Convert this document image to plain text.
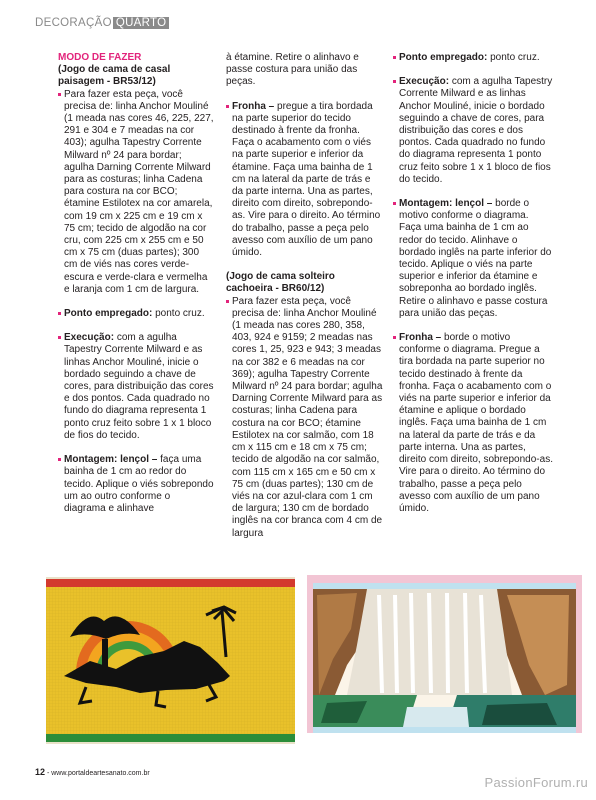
DECORAÇÃO QUARTO
MODO DE FAZER
(Jogo de cama de casal paisagem - BR53/12)
Para fazer esta peça, você precisa de: linha Anchor Mouliné (1 meada nas cores 46, 225, 227, 291 e 304 e 7 meadas na cor 403); agulha Tapestry Corrente Milward nº 24 para bordar; agulha Darning Corrente Milward para as costuras; linha Cadena para costura na cor BCO; étamine Estilotex na cor amarela, com 19 cm x 225 cm e 19 cm x 75 cm; tecido de algodão na cor cru, com 225 cm x 255 cm e 50 cm x 75 cm (duas partes); 300 cm de viés nas cores verde-escura e verde-clara e vermelha e laranja com 1 cm de largura.
Ponto empregado: ponto cruz.
Execução: com a agulha Tapestry Corrente Milward e as linhas Anchor Mouliné, inicie o bordado seguindo a chave de cores, para distribuição das cores e dos pontos. Cada quadrado no fundo do diagrama representa 1 ponto cruz feito sobre 1 x 1 bloco de fios do tecido.
Montagem: lençol – faça uma bainha de 1 cm ao redor do tecido. Aplique o viés sobrepondo um ao outro conforme o diagrama e alinhave
à étamine. Retire o alinhavo e passe costura para união das peças.
Fronha – pregue a tira bordada na parte superior do tecido destinado à frente da fronha. Faça o acabamento com o viés na parte superior e inferior da étamine. Faça uma bainha de 1 cm na lateral da parte de trás e da parte interna. Una as partes, direito com direito, sobrepondo-as. Vire para o direito. Ao término do trabalho, passe a peça pelo avesso com auxílio de um pano úmido.
(Jogo de cama solteiro cachoeira - BR60/12)
Para fazer esta peça, você precisa de: linha Anchor Mouliné (1 meada nas cores 280, 358, 403, 924 e 9159; 2 meadas nas cores 1, 25, 923 e 943; 3 meadas na cor 382 e 6 meadas na cor 369); agulha Tapestry Corrente Milward nº 24 para bordar; agulha Darning Corrente Milward para as costuras; linha Cadena para costura na cor BCO; étamine Estilotex na cor salmão, com 18 cm x 115 cm e 18 cm x 75 cm; tecido de algodão na cor salmão, com 115 cm x 165 cm e 50 cm x 75 cm (duas partes); 130 cm de viés na cor azul-clara com 1 cm de largura; 130 cm de bordado inglês na cor branca com 4 cm de largura
Ponto empregado: ponto cruz.
Execução: com a agulha Tapestry Corrente Milward e as linhas Anchor Mouliné, inicie o bordado seguindo a chave de cores, para distribuição das cores e dos pontos. Cada quadrado no fundo do diagrama representa 1 ponto cruz feito sobre 1 x 1 bloco de fios do tecido.
Montagem: lençol – borde o motivo conforme o diagrama. Faça uma bainha de 1 cm ao redor do tecido. Alinhave o bordado inglês na parte inferior do tecido. Aplique o viés na parte superior e inferior da étamine e sobreponha ao bordado inglês. Retire o alinhavo e passe costura para união das peças.
Fronha – borde o motivo conforme o diagrama. Pregue a tira bordada na parte superior no tecido destinado à frente da fronha. Faça o acabamento com o viés na parte superior e inferior da étamine e aplique o bordado inglês. Faça uma bainha de 1 cm na lateral da parte de trás e da parte interna. Una as partes, direito com direito, sobrepondo-as. Vire para o direito. Ao término do trabalho, passe a peça pelo avesso com auxílio de um pano úmido.
12 - www.portaldeartesanato.com.br
PassionForum.ru
